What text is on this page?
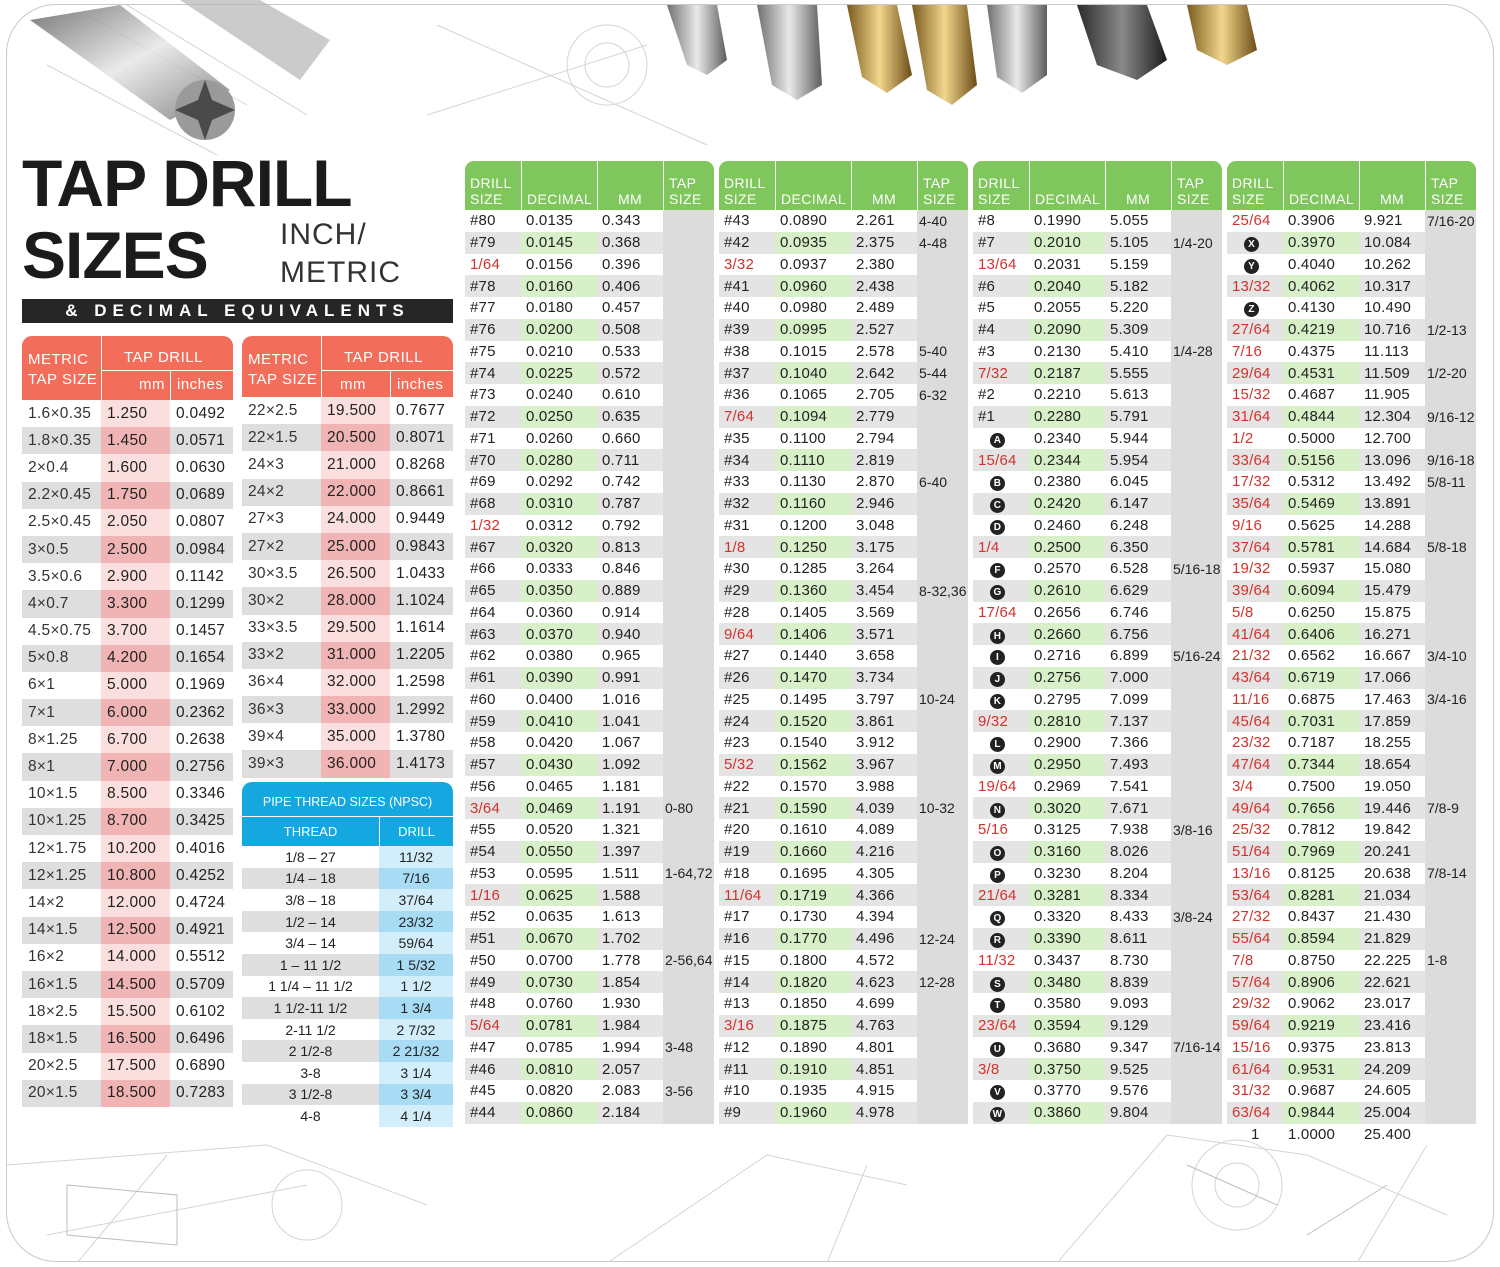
TAP DRILL
SIZES INCH/
METRIC
& DECIMAL EQUIVALENTS
METRIC
TAP SIZE
TAP DRILL
mm inches
1.6×0.35	1.250	0.0492
1.8×0.35	1.450	0.0571
2×0.4	1.600	0.0630
2.2×0.45	1.750	0.0689
2.5×0.45	2.050	0.0807
3×0.5	2.500	0.0984
3.5×0.6	2.900	0.1142
4×0.7	3.300	0.1299
4.5×0.75	3.700	0.1457
5×0.8	4.200	0.1654
6×1	5.000	0.1969
7×1	6.000	0.2362
8×1.25	6.700	0.2638
8×1	7.000	0.2756
10×1.5	8.500	0.3346
10×1.25	8.700	0.3425
12×1.75	10.200	0.4016
12×1.25	10.800	0.4252
14×2	12.000	0.4724
14×1.5	12.500	0.4921
16×2	14.000	0.5512
16×1.5	14.500	0.5709
18×2.5	15.500	0.6102
18×1.5	16.500	0.6496
20×2.5	17.500	0.6890
20×1.5	18.500	0.7283
METRIC
TAP SIZE
TAP DRILL
mm inches
22×2.5	19.500	0.7677
22×1.5	20.500	0.8071
24×3	21.000	0.8268
24×2	22.000	0.8661
27×3	24.000	0.9449
27×2	25.000	0.9843
30×3.5	26.500	1.0433
30×2	28.000	1.1024
33×3.5	29.500	1.1614
33×2	31.000	1.2205
36×4	32.000	1.2598
36×3	33.000	1.2992
39×4	35.000	1.3780
39×3	36.000	1.4173
PIPE THREAD SIZES (NPSC)
THREAD	DRILL
1/8 – 27	11/32
1/4 – 18	7/16
3/8 – 18	37/64
1/2 – 14	23/32
3/4 – 14	59/64
1 – 11 1/2	1 5/32
1 1/4 – 11 1/2	1 1/2
1 1/2-11 1/2	1 3/4
2-11 1/2	2 7/32
2 1/2-8	2 21/32
3-8	3 1/4
3 1/2-8	3 3/4
4-8	4 1/4
DRILL
SIZE	DECIMAL MM
TAP
SIZE
DRILL
SIZE	DECIMAL MM
TAP
SIZE
DRILL
SIZE	DECIMAL MM
TAP
SIZE
DRILL
SIZE	DECIMAL MM
TAP
SIZE
#80	0.0135	0.343	
#79	0.0145	0.368	
1/64	0.0156	0.396	
#78	0.0160	0.406	
#77	0.0180	0.457	
#76	0.0200	0.508	
#75	0.0210	0.533	
#74	0.0225	0.572	
#73	0.0240	0.610	
#72	0.0250	0.635	
#71	0.0260	0.660	
#70	0.0280	0.711	
#69	0.0292	0.742	
#68	0.0310	0.787	
1/32	0.0312	0.792	
#67	0.0320	0.813	
#66	0.0333	0.846	
#65	0.0350	0.889	
#64	0.0360	0.914	
#63	0.0370	0.940	
#62	0.0380	0.965	
#61	0.0390	0.991	
#60	0.0400	1.016	
#59	0.0410	1.041	
#58	0.0420	1.067	
#57	0.0430	1.092	
#56	0.0465	1.181	
3/64	0.0469	1.191	0-80
#55	0.0520	1.321	
#54	0.0550	1.397	
#53	0.0595	1.511	1-64,72
1/16	0.0625	1.588	
#52	0.0635	1.613	
#51	0.0670	1.702	
#50	0.0700	1.778	2-56,64
#49	0.0730	1.854	
#48	0.0760	1.930	
5/64	0.0781	1.984	
#47	0.0785	1.994	3-48
#46	0.0810	2.057	
#45	0.0820	2.083	3-56
#44	0.0860	2.184	
#43	0.0890	2.261	4-40
#42	0.0935	2.375	4-48
3/32	0.0937	2.380	
#41	0.0960	2.438	
#40	0.0980	2.489	
#39	0.0995	2.527	
#38	0.1015	2.578	5-40
#37	0.1040	2.642	5-44
#36	0.1065	2.705	6-32
7/64	0.1094	2.779	
#35	0.1100	2.794	
#34	0.1110	2.819	
#33	0.1130	2.870	6-40
#32	0.1160	2.946	
#31	0.1200	3.048	
1/8	0.1250	3.175	
#30	0.1285	3.264	
#29	0.1360	3.454	8-32,36
#28	0.1405	3.569	
9/64	0.1406	3.571	
#27	0.1440	3.658	
#26	0.1470	3.734	
#25	0.1495	3.797	10-24
#24	0.1520	3.861	
#23	0.1540	3.912	
5/32	0.1562	3.967	
#22	0.1570	3.988	
#21	0.1590	4.039	10-32
#20	0.1610	4.089	
#19	0.1660	4.216	
#18	0.1695	4.305	
11/64	0.1719	4.366	
#17	0.1730	4.394	
#16	0.1770	4.496	12-24
#15	0.1800	4.572	
#14	0.1820	4.623	12-28
#13	0.1850	4.699	
3/16	0.1875	4.763	
#12	0.1890	4.801	
#11	0.1910	4.851	
#10	0.1935	4.915	
#9	0.1960	4.978	
#8	0.1990	5.055	
#7	0.2010	5.105	1/4-20
13/64	0.2031	5.159	
#6	0.2040	5.182	
#5	0.2055	5.220	
#4	0.2090	5.309	
#3	0.2130	5.410	1/4-28
7/32	0.2187	5.555	
#2	0.2210	5.613	
#1	0.2280	5.791	
A	0.2340	5.944	
15/64	0.2344	5.954	
B	0.2380	6.045	
C	0.2420	6.147	
D	0.2460	6.248	
1/4	0.2500	6.350	
F	0.2570	6.528	5/16-18
G	0.2610	6.629	
17/64	0.2656	6.746	
H	0.2660	6.756	
I	0.2716	6.899	5/16-24
J	0.2756	7.000	
K	0.2795	7.099	
9/32	0.2810	7.137	
L	0.2900	7.366	
M	0.2950	7.493	
19/64	0.2969	7.541	
N	0.3020	7.671	
5/16	0.3125	7.938	3/8-16
O	0.3160	8.026	
P	0.3230	8.204	
21/64	0.3281	8.334	
Q	0.3320	8.433	3/8-24
R	0.3390	8.611	
11/32	0.3437	8.730	
S	0.3480	8.839	
T	0.3580	9.093	
23/64	0.3594	9.129	
U	0.3680	9.347	7/16-14
3/8	0.3750	9.525	
V	0.3770	9.576	
W	0.3860	9.804	
25/64	0.3906	9.921	7/16-20
X	0.3970	10.084	
Y	0.4040	10.262	
13/32	0.4062	10.317	
Z	0.4130	10.490	
27/64	0.4219	10.716	1/2-13
7/16	0.4375	11.113	
29/64	0.4531	11.509	1/2-20
15/32	0.4687	11.905	
31/64	0.4844	12.304	9/16-12
1/2	0.5000	12.700	
33/64	0.5156	13.096	9/16-18
17/32	0.5312	13.492	5/8-11
35/64	0.5469	13.891	
9/16	0.5625	14.288	
37/64	0.5781	14.684	5/8-18
19/32	0.5937	15.080	
39/64	0.6094	15.479	
5/8	0.6250	15.875	
41/64	0.6406	16.271	
21/32	0.6562	16.667	3/4-10
43/64	0.6719	17.066	
11/16	0.6875	17.463	3/4-16
45/64	0.7031	17.859	
23/32	0.7187	18.255	
47/64	0.7344	18.654	
3/4	0.7500	19.050	
49/64	0.7656	19.446	7/8-9
25/32	0.7812	19.842	
51/64	0.7969	20.241	
13/16	0.8125	20.638	7/8-14
53/64	0.8281	21.034	
27/32	0.8437	21.430	
55/64	0.8594	21.829	
7/8	0.8750	22.225	1-8
57/64	0.8906	22.621	
29/32	0.9062	23.017	
59/64	0.9219	23.416	
15/16	0.9375	23.813	
61/64	0.9531	24.209	
31/32	0.9687	24.605	
63/64	0.9844	25.004	
1	1.0000	25.400	
